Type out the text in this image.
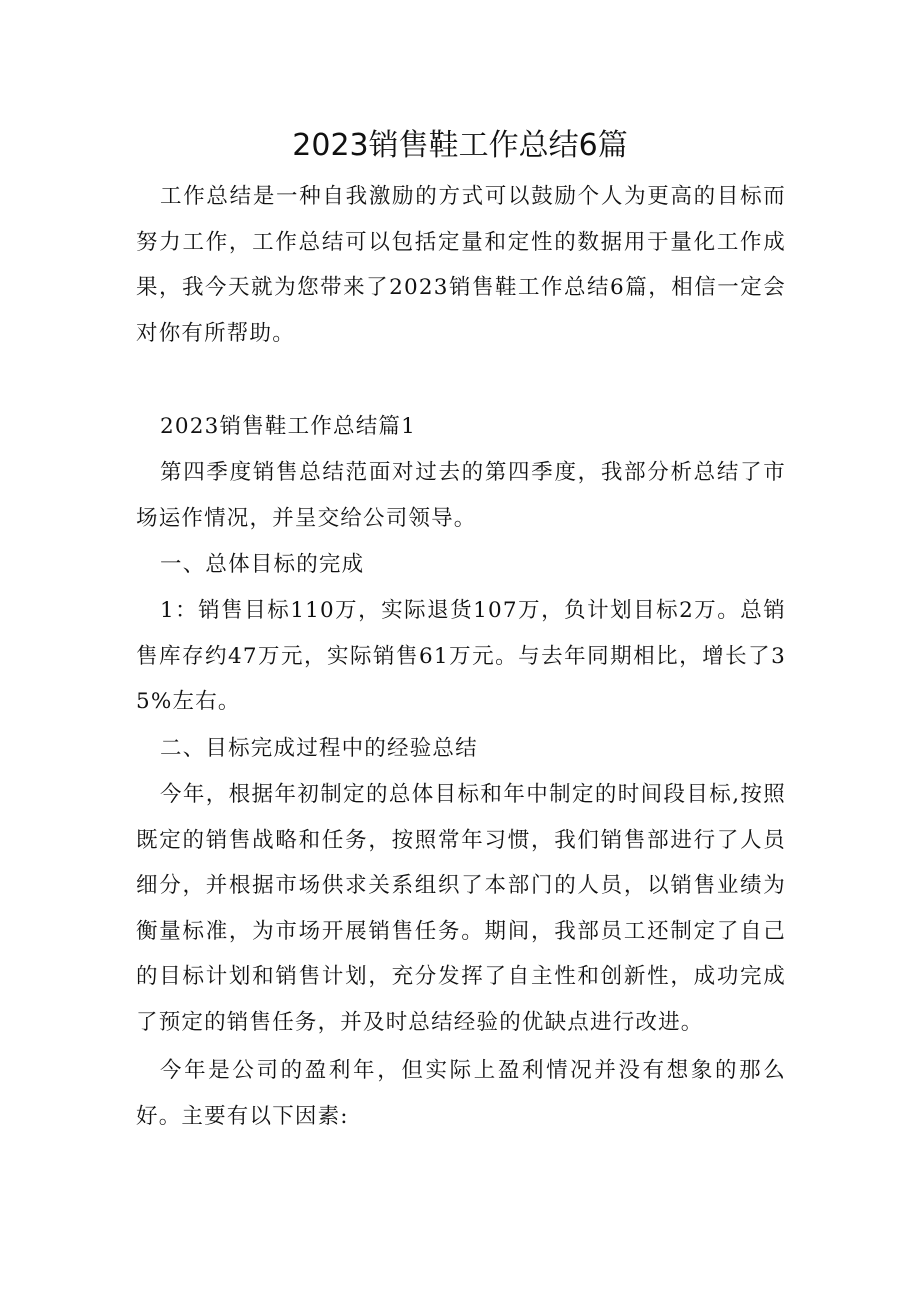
2023销售鞋工作总结6篇

工作总结是一种自我激励的方式可以鼓励个人为更高的目标而努力工作，工作总结可以包括定量和定性的数据用于量化工作成果，我今天就为您带来了2023销售鞋工作总结6篇，相信一定会对你有所帮助。

2023销售鞋工作总结篇1

第四季度销售总结范面对过去的第四季度，我部分析总结了市场运作情况，并呈交给公司领导。

一、总体目标的完成

1：销售目标110万，实际退货107万，负计划目标2万。总销售库存约47万元，实际销售61万元。与去年同期相比，增长了35%左右。

二、目标完成过程中的经验总结

今年，根据年初制定的总体目标和年中制定的时间段目标,按照既定的销售战略和任务，按照常年习惯，我们销售部进行了人员细分，并根据市场供求关系组织了本部门的人员，以销售业绩为衡量标准，为市场开展销售任务。期间，我部员工还制定了自己的目标计划和销售计划，充分发挥了自主性和创新性，成功完成了预定的销售任务，并及时总结经验的优缺点进行改进。

今年是公司的盈利年，但实际上盈利情况并没有想象的那么好。主要有以下因素:
